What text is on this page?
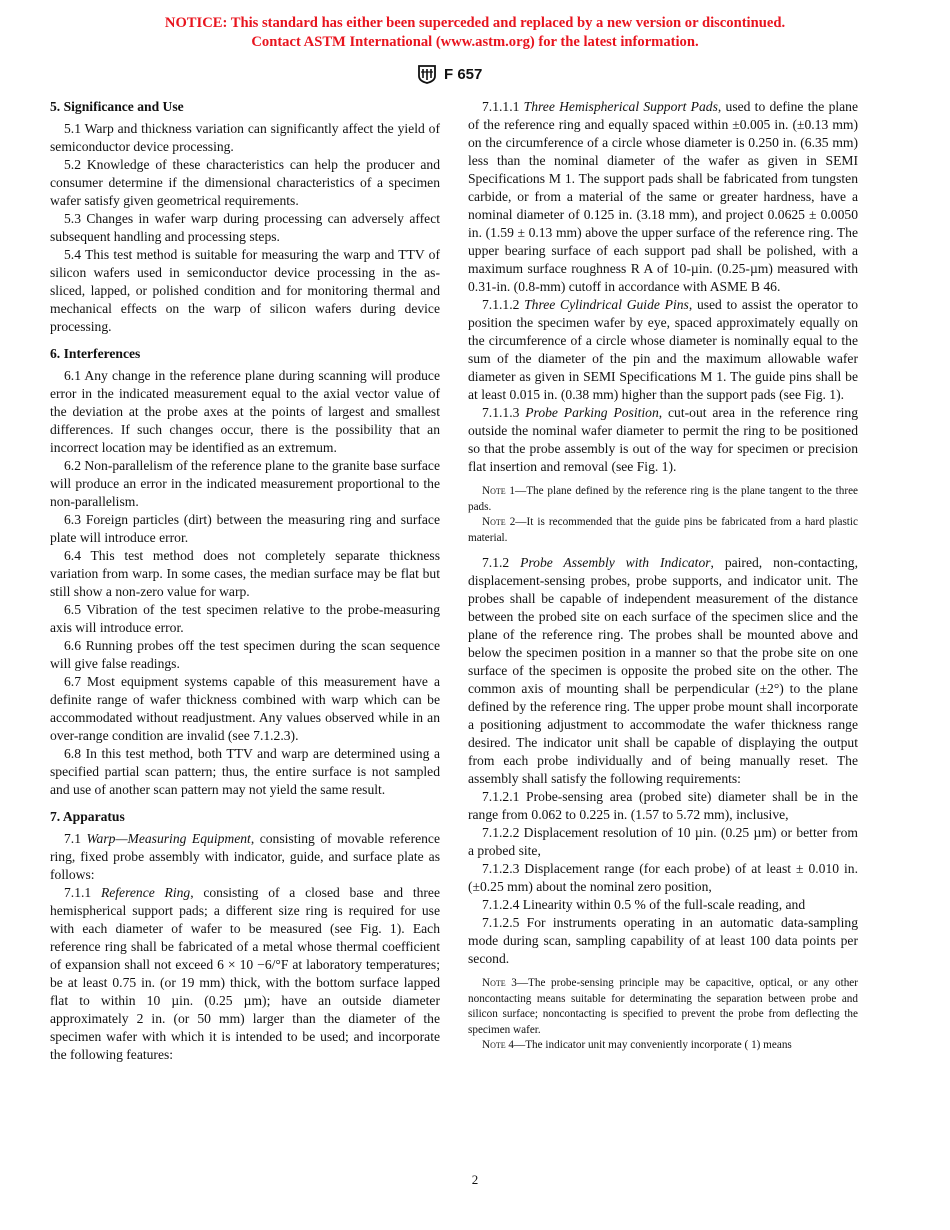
NOTICE: This standard has either been superceded and replaced by a new version or discontinued.
Contact ASTM International (www.astm.org) for the latest information.
F 657
5. Significance and Use

5.1 Warp and thickness variation can significantly affect the yield of semiconductor device processing.

5.2 Knowledge of these characteristics can help the producer and consumer determine if the dimensional characteristics of a specimen wafer satisfy given geometrical requirements.

5.3 Changes in wafer warp during processing can adversely affect subsequent handling and processing steps.

5.4 This test method is suitable for measuring the warp and TTV of silicon wafers used in semiconductor device processing in the as-sliced, lapped, or polished condition and for monitoring thermal and mechanical effects on the warp of silicon wafers during device processing.

6. Interferences

6.1 Any change in the reference plane during scanning will produce error in the indicated measurement equal to the axial vector value of the deviation at the probe axes at the points of largest and smallest differences. If such changes occur, there is the possibility that an incorrect location may be identified as an extremum.

6.2 Non-parallelism of the reference plane to the granite base surface will produce an error in the indicated measurement proportional to the non-parallelism.

6.3 Foreign particles (dirt) between the measuring ring and surface plate will introduce error.

6.4 This test method does not completely separate thickness variation from warp. In some cases, the median surface may be flat but still show a non-zero value for warp.

6.5 Vibration of the test specimen relative to the probe-measuring axis will introduce error.

6.6 Running probes off the test specimen during the scan sequence will give false readings.

6.7 Most equipment systems capable of this measurement have a definite range of wafer thickness combined with warp which can be accommodated without readjustment. Any values observed while in an over-range condition are invalid (see 7.1.2.3).

6.8 In this test method, both TTV and warp are determined using a specified partial scan pattern; thus, the entire surface is not sampled and use of another scan pattern may not yield the same result.

7. Apparatus

7.1 Warp—Measuring Equipment, consisting of movable reference ring, fixed probe assembly with indicator, guide, and surface plate as follows:

7.1.1 Reference Ring, consisting of a closed base and three hemispherical support pads; a different size ring is required for use with each diameter of wafer to be measured (see Fig. 1). Each reference ring shall be fabricated of a metal whose thermal coefficient of expansion shall not exceed 6 × 10 −6/°F at laboratory temperatures; be at least 0.75 in. (or 19 mm) thick, with the bottom surface lapped flat to within 10 µin. (0.25 µm); have an outside diameter approximately 2 in. (or 50 mm) larger than the diameter of the specimen wafer with which it is intended to be used; and incorporate the following features:

7.1.1.1 Three Hemispherical Support Pads, used to define the plane of the reference ring and equally spaced within ±0.005 in. (±0.13 mm) on the circumference of a circle whose diameter is 0.250 in. (6.35 mm) less than the nominal diameter of the wafer as given in SEMI Specifications M 1. The support pads shall be fabricated from tungsten carbide, or from a material of the same or greater hardness, have a nominal diameter of 0.125 in. (3.18 mm), and project 0.0625 ± 0.0050 in. (1.59 ± 0.13 mm) above the upper surface of the reference ring. The upper bearing surface of each support pad shall be polished, with a maximum surface roughness R A of 10-µin. (0.25-µm) measured with 0.31-in. (0.8-mm) cutoff in accordance with ASME B 46.

7.1.1.2 Three Cylindrical Guide Pins, used to assist the operator to position the specimen wafer by eye, spaced approximately equally on the circumference of a circle whose diameter is nominally equal to the sum of the diameter of the pin and the maximum allowable wafer diameter as given in SEMI Specifications M 1. The guide pins shall be at least 0.015 in. (0.38 mm) higher than the support pads (see Fig. 1).

7.1.1.3 Probe Parking Position, cut-out area in the reference ring outside the nominal wafer diameter to permit the ring to be positioned so that the probe assembly is out of the way for specimen or precision flat insertion and removal (see Fig. 1).

Note 1—The plane defined by the reference ring is the plane tangent to the three pads.

Note 2—It is recommended that the guide pins be fabricated from a hard plastic material.

7.1.2 Probe Assembly with Indicator, paired, non-contacting, displacement-sensing probes, probe supports, and indicator unit. The probes shall be capable of independent measurement of the distance between the probed site on each surface of the specimen slice and the plane of the reference ring. The probes shall be mounted above and below the specimen position in a manner so that the probe site on one surface of the specimen is opposite the probed site on the other. The common axis of mounting shall be perpendicular (±2°) to the plane defined by the reference ring. The upper probe mount shall incorporate a positioning adjustment to accommodate the wafer thickness range desired. The indicator unit shall be capable of displaying the output from each probe individually and of being manually reset. The assembly shall satisfy the following requirements:

7.1.2.1 Probe-sensing area (probed site) diameter shall be in the range from 0.062 to 0.225 in. (1.57 to 5.72 mm), inclusive,

7.1.2.2 Displacement resolution of 10 µin. (0.25 µm) or better from a probed site,

7.1.2.3 Displacement range (for each probe) of at least ± 0.010 in. (±0.25 mm) about the nominal zero position,

7.1.2.4 Linearity within 0.5 % of the full-scale reading, and

7.1.2.5 For instruments operating in an automatic data-sampling mode during scan, sampling capability of at least 100 data points per second.

Note 3—The probe-sensing principle may be capacitive, optical, or any other noncontacting means suitable for determinating the separation between probe and silicon surface; noncontacting is specified to prevent the probe from deflecting the specimen wafer.

Note 4—The indicator unit may conveniently incorporate ( 1) means

2
